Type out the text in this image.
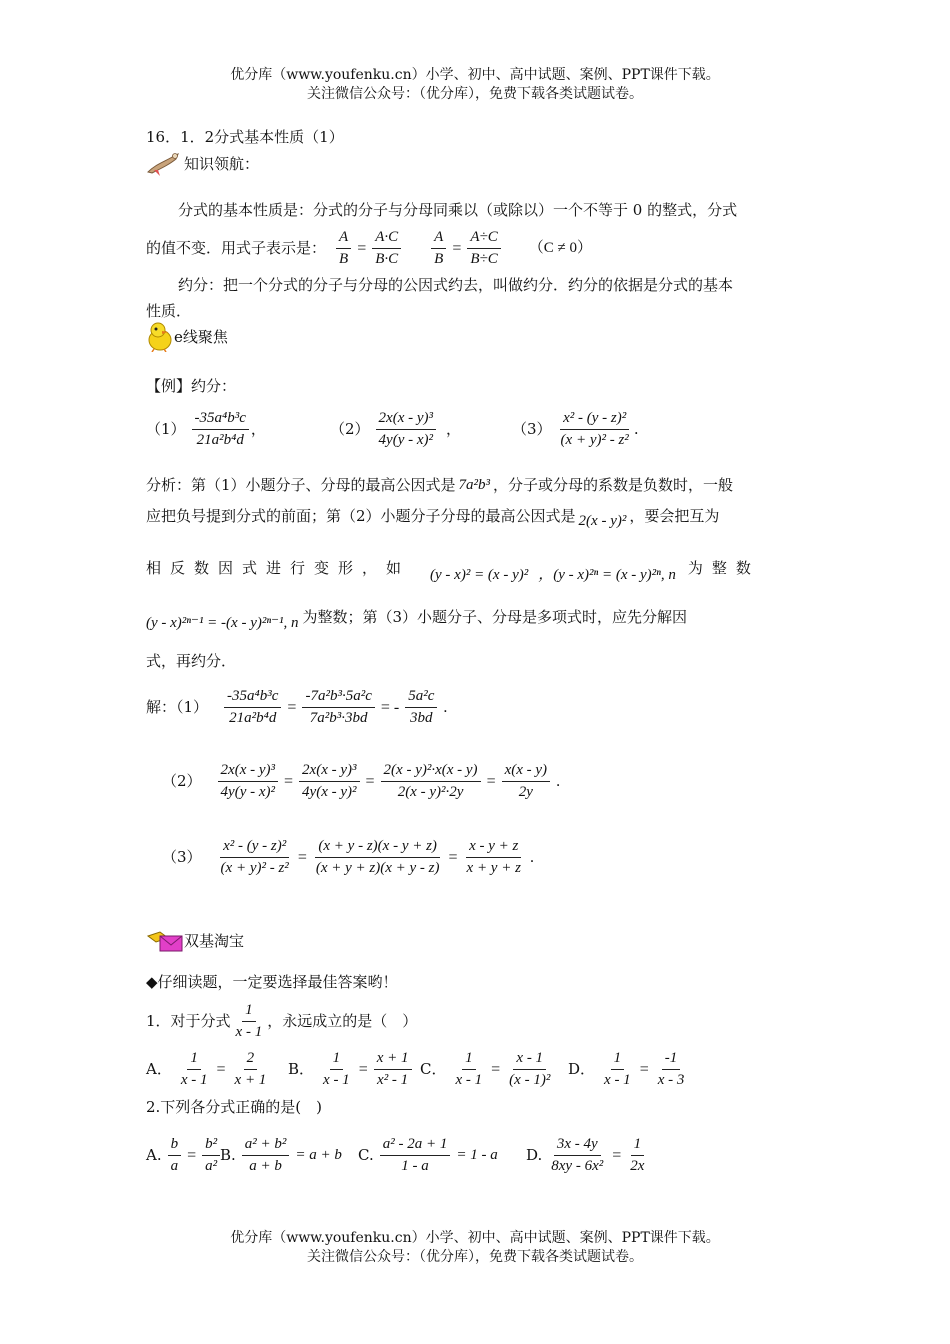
优分库（www.youfenku.cn）小学、初中、高中试题、案例、PPT课件下载。
关注微信公众号：（优分库），免费下载各类试题试卷。
16．1．2分式基本性质（1）
知识领航：
分式的基本性质是：分式的分子与分母同乘以（或除以）一个不等于 0 的整式，分式
的值不变．用式子表示是： $\frac{A}{B} = \frac{A\cdot C}{B\cdot C} \frac{A}{B} = \frac{A\div C}{B\div C} (C \ne 0)$
约分：把一个分式的分子与分母的公因式约去，叫做约分．约分的依据是分式的基本
性质．
e线聚焦
【例】约分：
$(1) \frac{\text{-35a⁴b³c}}{\text{21a²b⁴d}}$ ，	$(2) \frac{\text{2x(x - y)³}}{\text{4y(y - x)²}}$ ，	$(3) \frac{\text{x² - (y - z)²}}{\text{(x + y)² - z²}}$ .
分析：第（1）小题分子、分母的最高公因式是 7a²b³ ，分子或分母的系数是负数时，一般
应把负号提到分式的前面；第（2）小题分子分母的最高公因式是 2(x - y)² ，要会把互为
相反数因式进行变形，如 (y - x)² = (x - y)² ，(y - x)²ⁿ = (x - y)²ⁿ, n 为整数
(y - x)²ⁿ⁻¹ = -(x - y)²ⁿ⁻¹, n 为整数；第（3）小题分子、分母是多项式时，应先分解因
式，再约分．
解：$(1) \frac{\text{-35a⁴b³c}}{\text{21a²b⁴d}} = \frac{\text{-7a²b³·5a²c}}{\text{7a²b³·3bd}}$ = - $\frac{\text{5a²c}}{3bd}$ .
$(2) \frac{\text{2x(x - y)³}}{\text{4y(y - x)²}} = \frac{\text{2x(x - y)³}}{\text{4y(x - y)²}} = \frac{\text{2(x - y)²·x(x - y)}}{\text{2(x - y)²·2y}} = \frac{x(x - y)}{2y}$ .
$(3) \frac{\text{x² - (y - z)²}}{\text{(x + y)² - z²}} = \frac{(x + y - z)(x - y + z)}{(x + y + z)(x + y - z)} = \frac{x - y + z}{x + y + z}$ .
双基淘宝
◆仔细读题，一定要选择最佳答案哟！
1．对于分式 $\frac{1}{x - 1}$ ，永远成立的是（　）
A． $\frac{1}{x - 1} = \frac{2}{x + 1}$ B． $\frac{1}{x - 1} = \frac{x + 1}{\text{x² - 1}}$ C． $\frac{1}{x - 1} = \frac{x - 1}{\text{(x - 1)²}}$ D． $\frac{1}{x - 1} = \frac{-1}{x - 3}$
2.下列各分式正确的是(　)
A. $\frac{b}{a} = \frac{\text{b²}}{\text{a²}} B$. $\frac{\text{a² + b²}}{a + b} = a + b$ C. $\frac{\text{a² - 2a + 1}}{1 - a} = 1 - a$ D. $\frac{3x - 4y}{\text{8xy - 6x²}} = \frac{1}{2x}$
优分库（www.youfenku.cn）小学、初中、高中试题、案例、PPT课件下载。
关注微信公众号：（优分库），免费下载各类试题试卷。
